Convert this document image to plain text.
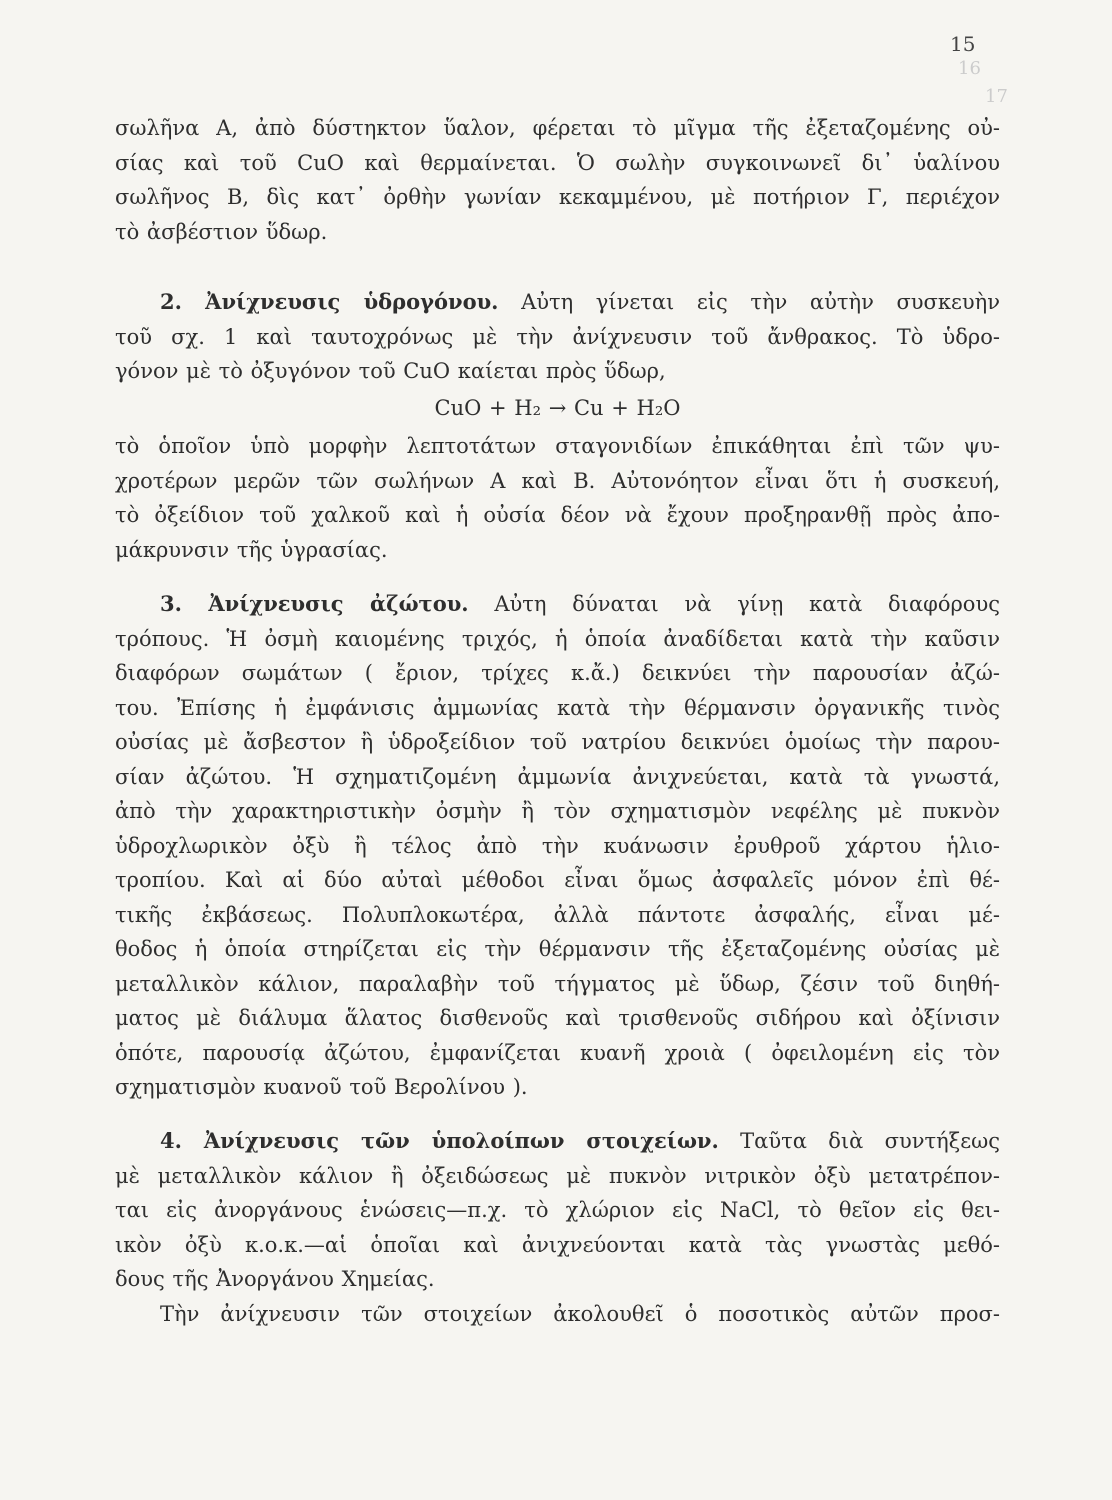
15
16
17
σωλῆνα Α, ἀπὸ δύστηκτον ὕαλον, φέρεται τὸ μῖγμα τῆς ἐξεταζομένης οὐ-
σίας καὶ τοῦ CuO καὶ θερμαίνεται. Ὁ σωλὴν συγκοινωνεῖ δι᾿ ὑαλίνου
σωλῆνος Β, δὶς κατ᾿ ὀρθὴν γωνίαν κεκαμμένου, μὲ ποτήριον Γ, περιέχον
τὸ ἀσβέστιον ὕδωρ.
2. Ἀνίχνευσις ὑδρογόνου. Αὐτη γίνεται εἰς τὴν αὐτὴν συσκευὴν
τοῦ σχ. 1 καὶ ταυτοχρόνως μὲ τὴν ἀνίχνευσιν τοῦ ἄνθρακος. Τὸ ὑδρο-
γόνον μὲ τὸ ὀξυγόνον τοῦ CuO καίεται πρὸς ὕδωρ,
CuO + H₂ → Cu + H₂O
τὸ ὁποῖον ὑπὸ μορφὴν λεπτοτάτων σταγονιδίων ἐπικάθηται ἐπὶ τῶν ψυ-
χροτέρων μερῶν τῶν σωλήνων Α καὶ Β. Αὐτονόητον εἶναι ὅτι ἡ συσκευή,
τὸ ὀξείδιον τοῦ χαλκοῦ καὶ ἡ οὐσία δέον νὰ ἔχουν προξηρανθῇ πρὸς ἀπο-
μάκρυνσιν τῆς ὑγρασίας.
3. Ἀνίχνευσις ἀζώτου. Αὐτη δύναται νὰ γίνῃ κατὰ διαφόρους
τρόπους. Ἡ ὀσμὴ καιομένης τριχός, ἡ ὁποία ἀναδίδεται κατὰ τὴν καῦσιν
διαφόρων σωμάτων ( ἔριον, τρίχες κ.ἄ.) δεικνύει τὴν παρουσίαν ἀζώ-
του. Ἐπίσης ἡ ἐμφάνισις ἀμμωνίας κατὰ τὴν θέρμανσιν ὀργανικῆς τινὸς
οὐσίας μὲ ἄσβεστον ἢ ὑδροξείδιον τοῦ νατρίου δεικνύει ὁμοίως τὴν παρου-
σίαν ἀζώτου. Ἡ σχηματιζομένη ἀμμωνία ἀνιχνεύεται, κατὰ τὰ γνωστά,
ἀπὸ τὴν χαρακτηριστικὴν ὀσμὴν ἢ τὸν σχηματισμὸν νεφέλης μὲ πυκνὸν
ὑδροχλωρικὸν ὀξὺ ἢ τέλος ἀπὸ τὴν κυάνωσιν ἐρυθροῦ χάρτου ἡλιο-
τροπίου. Καὶ αἱ δύο αὐταὶ μέθοδοι εἶναι ὅμως ἀσφαλεῖς μόνον ἐπὶ θέ-
τικῆς ἐκβάσεως. Πολυπλοκωτέρα, ἀλλὰ πάντοτε ἀσφαλής, εἶναι μέ-
θοδος ἡ ὁποία στηρίζεται εἰς τὴν θέρμανσιν τῆς ἐξεταζομένης οὐσίας μὲ
μεταλλικὸν κάλιον, παραλαβὴν τοῦ τήγματος μὲ ὕδωρ, ζέσιν τοῦ διηθή-
ματος μὲ διάλυμα ἅλατος δισθενοῦς καὶ τρισθενοῦς σιδήρου καὶ ὀξίνισιν
ὁπότε, παρουσίᾳ ἀζώτου, ἐμφανίζεται κυανῆ χροιὰ ( ὀφειλομένη εἰς τὸν
σχηματισμὸν κυανοῦ τοῦ Βερολίνου ).
4. Ἀνίχνευσις τῶν ὑπολοίπων στοιχείων. Ταῦτα διὰ συντήξεως
μὲ μεταλλικὸν κάλιον ἢ ὀξειδώσεως μὲ πυκνὸν νιτρικὸν ὀξὺ μετατρέπον-
ται εἰς ἀνοργάνους ἑνώσεις—π.χ. τὸ χλώριον εἰς NaCl, τὸ θεῖον εἰς θει-
ικὸν ὀξὺ κ.ο.κ.—αἱ ὁποῖαι καὶ ἀνιχνεύονται κατὰ τὰς γνωστὰς μεθό-
δους τῆς Ἀνοργάνου Χημείας.
Τὴν ἀνίχνευσιν τῶν στοιχείων ἀκολουθεῖ ὁ ποσοτικὸς αὐτῶν προσ-
